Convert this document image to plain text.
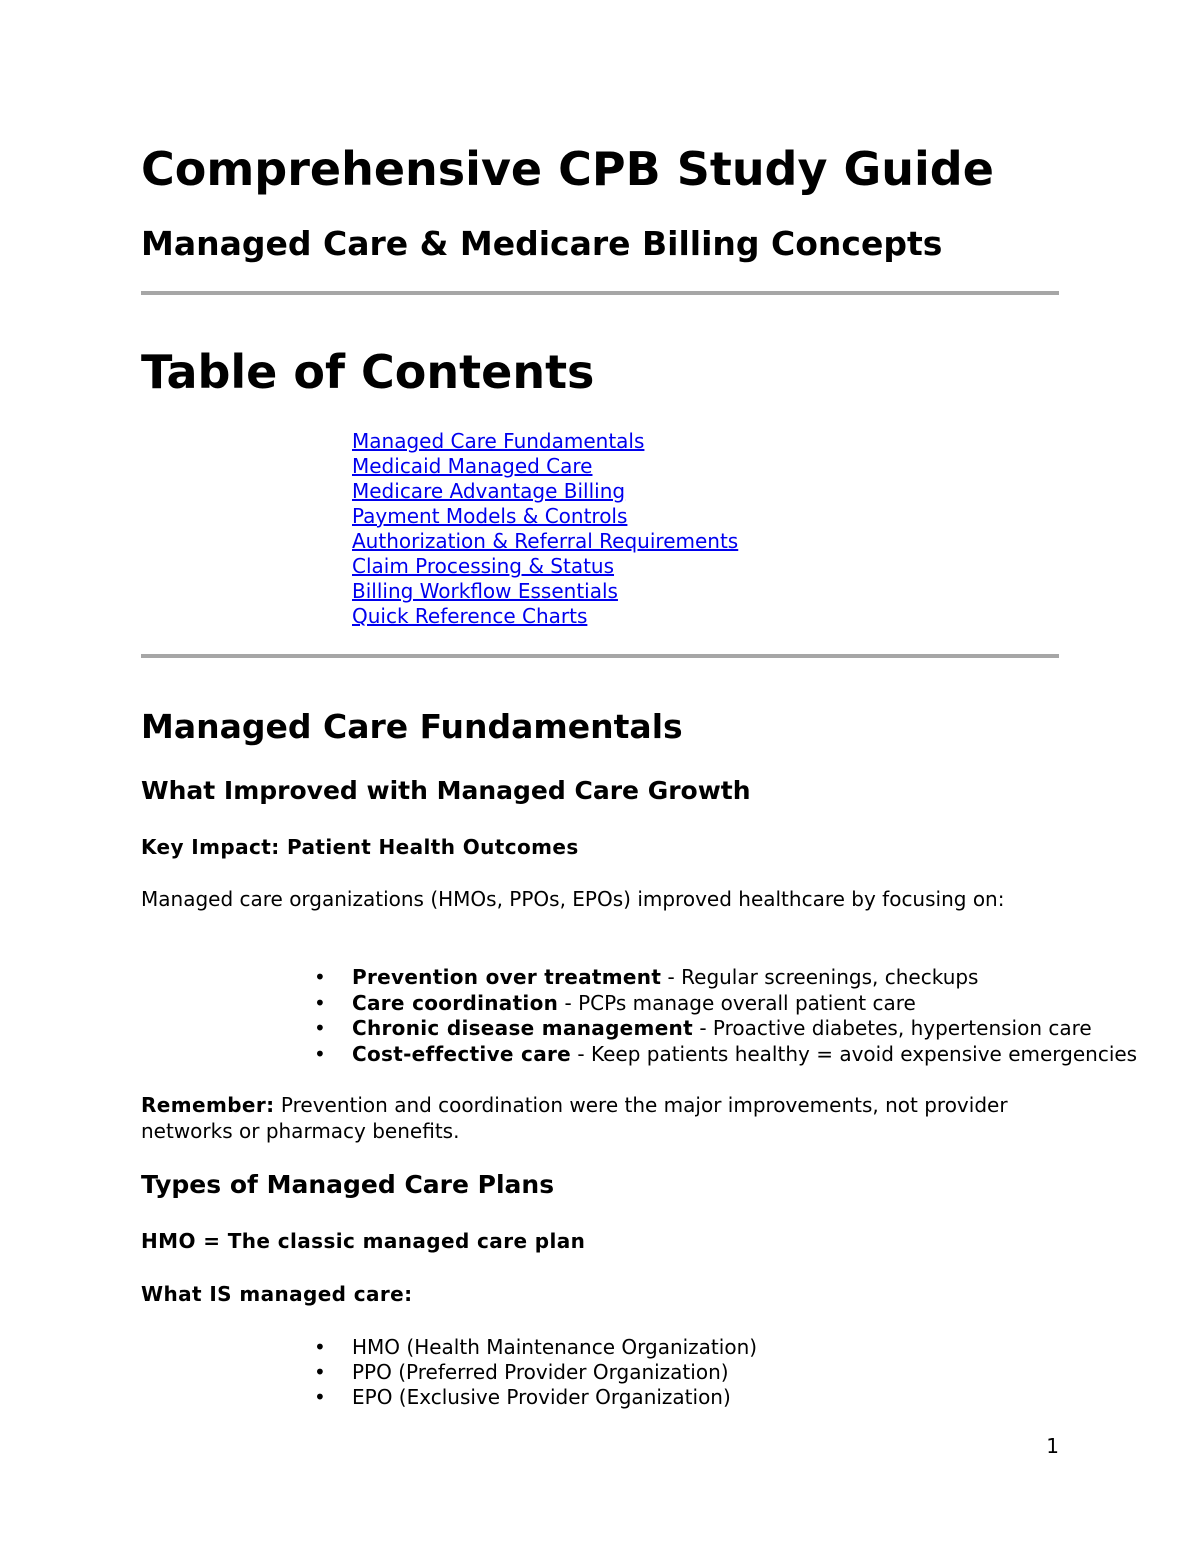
Comprehensive CPB Study Guide
Managed Care & Medicare Billing Concepts
Table of Contents
Managed Care Fundamentals
Medicaid Managed Care
Medicare Advantage Billing
Payment Models & Controls
Authorization & Referral Requirements
Claim Processing & Status
Billing Workflow Essentials
Quick Reference Charts
Managed Care Fundamentals
What Improved with Managed Care Growth
Key Impact: Patient Health Outcomes

Managed care organizations (HMOs, PPOs, EPOs) improved healthcare by focusing on:

• Prevention over treatment - Regular screenings, checkups
• Care coordination - PCPs manage overall patient care
• Chronic disease management - Proactive diabetes, hypertension care
• Cost-effective care - Keep patients healthy = avoid expensive emergencies

Remember: Prevention and coordination were the major improvements, not provider networks or pharmacy benefits.

Types of Managed Care Plans
HMO = The classic managed care plan
What IS managed care:
• HMO (Health Maintenance Organization)
• PPO (Preferred Provider Organization)
• EPO (Exclusive Provider Organization)
1
